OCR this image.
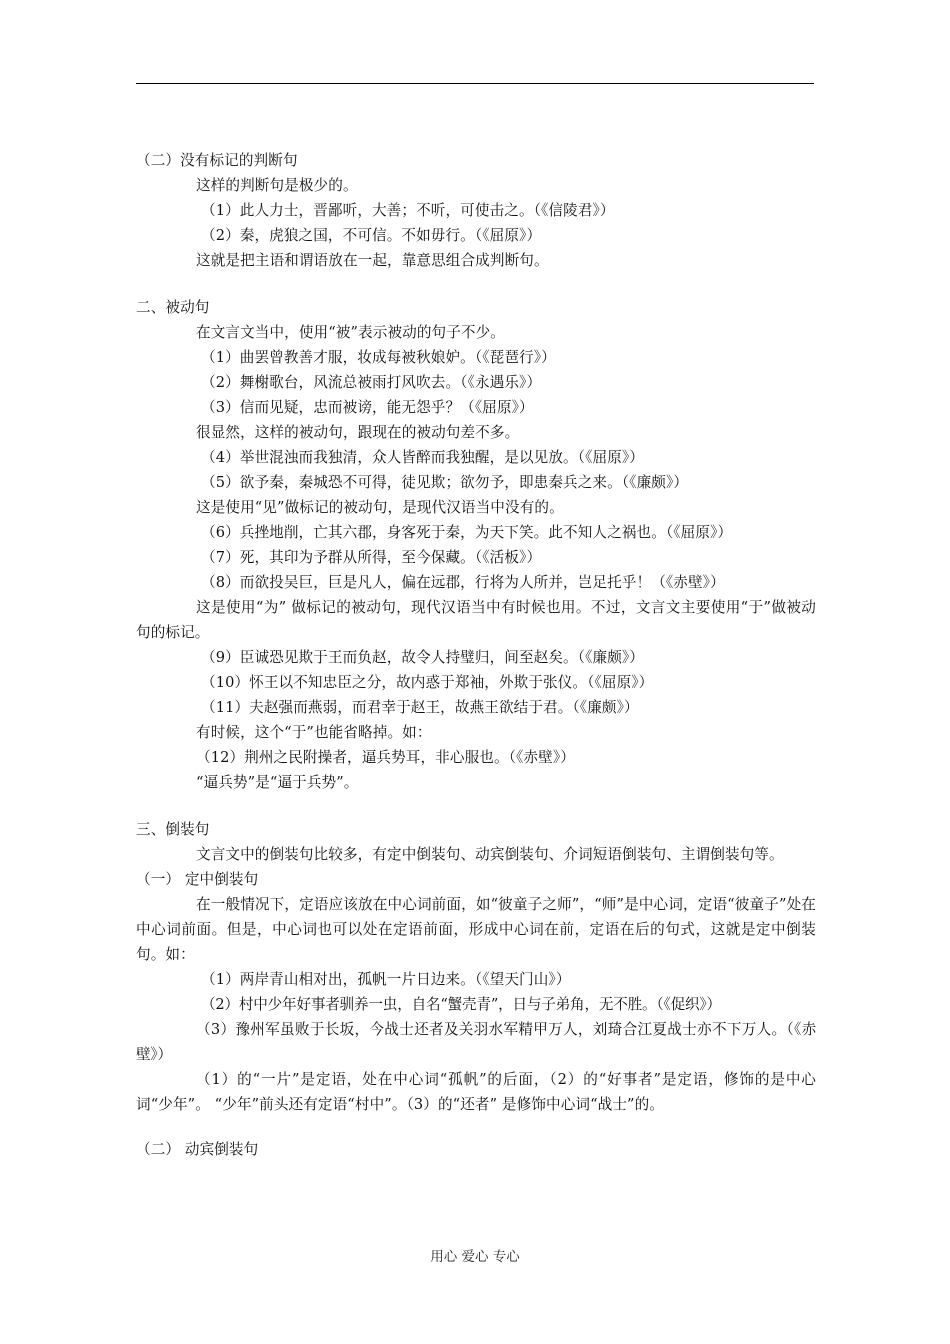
（二）没有标记的判断句
这样的判断句是极少的。
（1）此人力士，晋鄙听，大善；不听，可使击之。（《信陵君》）
（2）秦，虎狼之国，不可信。不如毋行。（《屈原》）
这就是把主语和谓语放在一起，靠意思组合成判断句。
二、被动句
在文言文当中，使用“被”表示被动的句子不少。
（1）曲罢曾教善才服，妆成每被秋娘妒。（《琵琶行》）
（2）舞榭歌台，风流总被雨打风吹去。（《永遇乐》）
（3）信而见疑，忠而被谤，能无怨乎？（《屈原》）
很显然，这样的被动句，跟现在的被动句差不多。
（4）举世混浊而我独清，众人皆醉而我独醒，是以见放。（《屈原》）
（5）欲予秦，秦城恐不可得，徒见欺；欲勿予，即患秦兵之来。（《廉颇》）
这是使用“见”做标记的被动句，是现代汉语当中没有的。
（6）兵挫地削，亡其六郡，身客死于秦，为天下笑。此不知人之祸也。（《屈原》）
（7）死，其印为予群从所得，至今保藏。（《活板》）
（8）而欲投吴巨，巨是凡人，偏在远郡，行将为人所并，岂足托乎！（《赤壁》）
这是使用“为” 做标记的被动句，现代汉语当中有时候也用。不过，文言文主要使用“于”做被动句的标记。
（9）臣诚恐见欺于王而负赵，故令人持璧归，间至赵矣。（《廉颇》）
（10）怀王以不知忠臣之分，故内惑于郑袖，外欺于张仪。（《屈原》）
（11）夫赵强而燕弱，而君幸于赵王，故燕王欲结于君。（《廉颇》）
有时候，这个“于”也能省略掉。如：
（12）荆州之民附操者，逼兵势耳，非心服也。（《赤壁》）
“逼兵势”是“逼于兵势”。
三、倒装句
文言文中的倒装句比较多，有定中倒装句、动宾倒装句、介词短语倒装句、主谓倒装句等。
（一） 定中倒装句
在一般情况下，定语应该放在中心词前面，如“彼童子之师”，“师”是中心词，定语“彼童子”处在中心词前面。但是，中心词也可以处在定语前面，形成中心词在前，定语在后的句式，这就是定中倒装句。如：
（1）两岸青山相对出，孤帆一片日边来。（《望天门山》）
（2）村中少年好事者驯养一虫，自名“蟹壳青”，日与子弟角，无不胜。（《促织》）
（3）豫州军虽败于长坂，今战士还者及关羽水军精甲万人，刘琦合江夏战士亦不下万人。（《赤壁》）
（1）的“一片”是定语，处在中心词“孤帆”的后面，（2）的“好事者”是定语，修饰的是中心词“少年”。 “少年”前头还有定语“村中”。（3）的“还者” 是修饰中心词“战士”的。
（二） 动宾倒装句
用心 爱心 专心
